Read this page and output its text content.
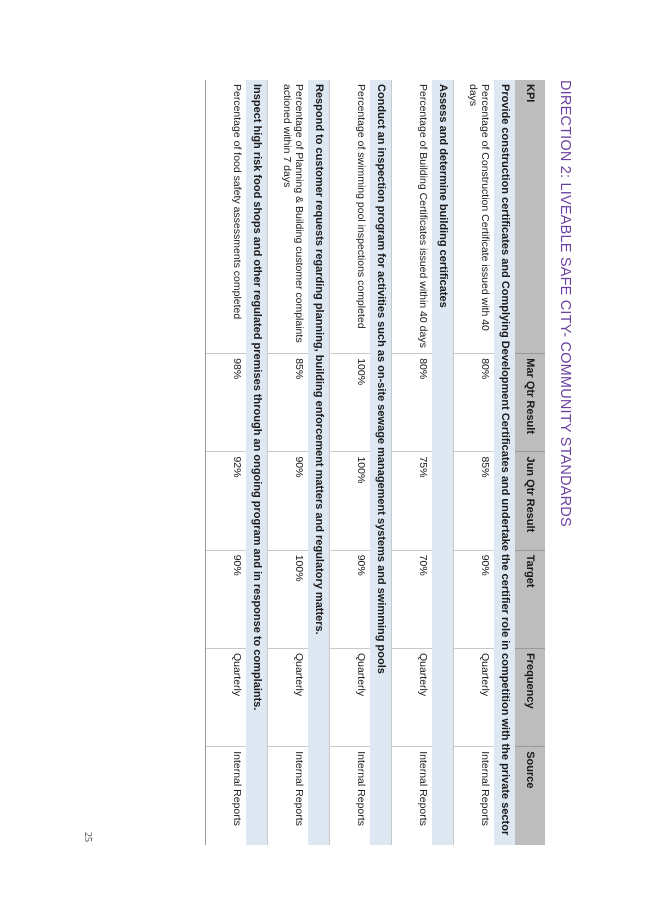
DIRECTION 2: LIVEABLE SAFE CITY- COMMUNITY STANDARDS
KPI	Mar Qtr Result	Jun Qtr Result	Target	Frequency	Source
Provide construction certificates and Complying Development Certificates and undertake the certifier role in competition with the private sector					
Percentage of Construction Certificate issued with 40 days	80%	85%	90%	Quarterly	Internal Reports
Assess and determine building certificates					
Percentage of Building Certificates issued within 40 days	80%	75%	70%	Quarterly	Internal Reports
Conduct an inspection program for activities such as on-site sewage management systems and swimming pools					
Percentage of swimming pool inspections completed	100%	100%	90%	Quarterly	Internal Reports
Respond to customer requests regarding planning, building enforcement matters and regulatory matters.					
Percentage of Planning & Building customer complaints actioned within 7 days	85%	90%	100%	Quarterly	Internal Reports
Inspect high risk food shops and other regulated premises through an ongoing program and in response to complaints.					
Percentage of food safety assessments completed	98%	92%	90%	Quarterly	Internal Reports
25
